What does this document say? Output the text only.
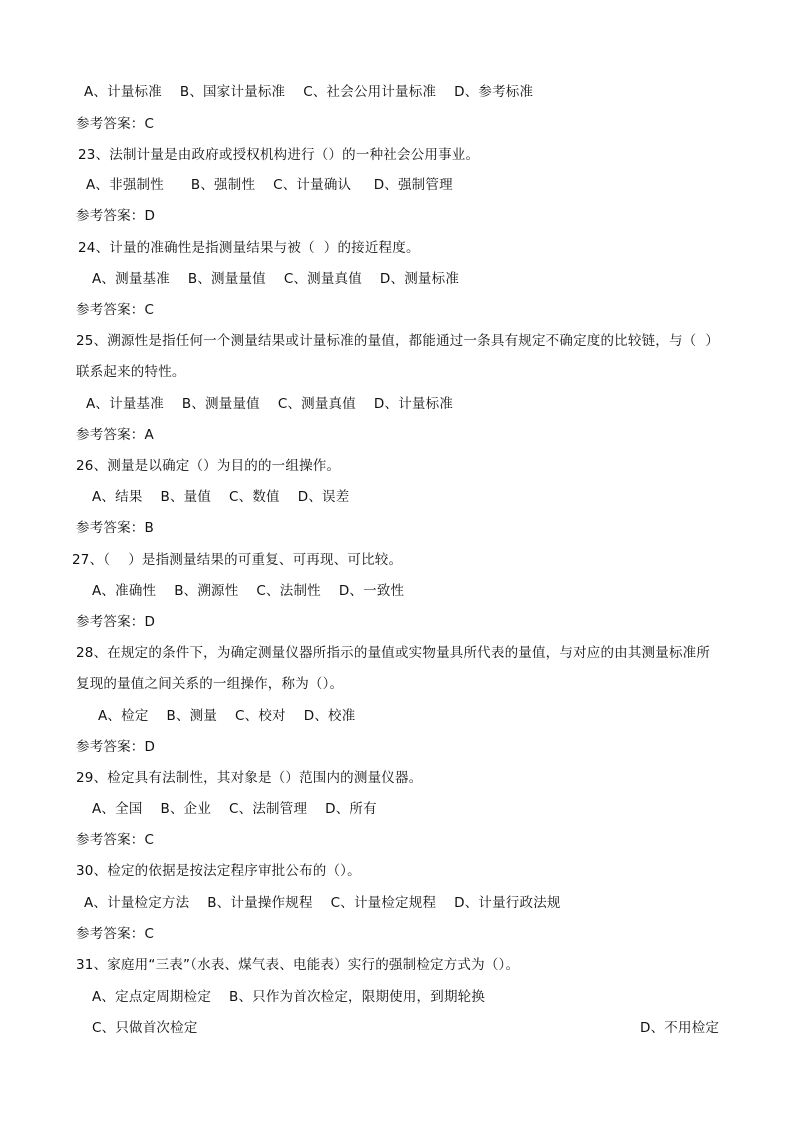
A、计量标准    B、国家计量标准    C、社会公用计量标准    D、参考标准
参考答案：C
23、法制计量是由政府或授权机构进行（）的一种社会公用事业。
A、非强制性      B、强制性    C、计量确认     D、强制管理
参考答案：D
24、计量的准确性是指测量结果与被（  ）的接近程度。
A、测量基准    B、测量量值    C、测量真值    D、测量标准
参考答案：C
25、溯源性是指任何一个测量结果或计量标准的量值，都能通过一条具有规定不确定度的比较链，与（  ）
联系起来的特性。
A、计量基准    B、测量量值    C、测量真值    D、计量标准
参考答案：A
26、测量是以确定（）为目的的一组操作。
A、结果    B、量值    C、数值    D、误差
参考答案：B
27、（    ）是指测量结果的可重复、可再现、可比较。
A、准确性    B、溯源性    C、法制性    D、一致性
参考答案：D
28、在规定的条件下，为确定测量仪器所指示的量值或实物量具所代表的量值，与对应的由其测量标准所
复现的量值之间关系的一组操作，称为（）。
A、检定    B、测量    C、校对    D、校准
参考答案：D
29、检定具有法制性，其对象是（）范围内的测量仪器。
A、全国    B、企业    C、法制管理    D、所有
参考答案：C
30、检定的依据是按法定程序审批公布的（）。
A、计量检定方法    B、计量操作规程    C、计量检定规程    D、计量行政法规
参考答案：C
31、家庭用“三表”（水表、煤气表、电能表）实行的强制检定方式为（）。
A、定点定周期检定    B、只作为首次检定，限期使用，到期轮换
C、只做首次检定	D、不用检定
